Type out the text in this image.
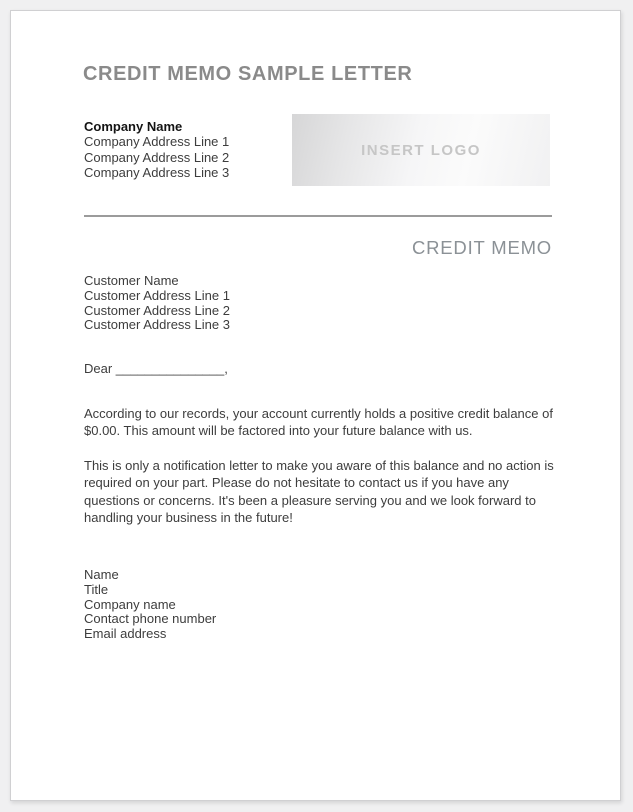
CREDIT MEMO SAMPLE LETTER
Company Name
Company Address Line 1
Company Address Line 2
Company Address Line 3
INSERT LOGO
CREDIT MEMO
Customer Name
Customer Address Line 1
Customer Address Line 2
Customer Address Line 3
Dear _______________,
According to our records, your account currently holds a positive credit balance of $0.00. This amount will be factored into your future balance with us.
This is only a notification letter to make you aware of this balance and no action is required on your part. Please do not hesitate to contact us if you have any questions or concerns. It's been a pleasure serving you and we look forward to handling your business in the future!
Name
Title
Company name
Contact phone number
Email address
